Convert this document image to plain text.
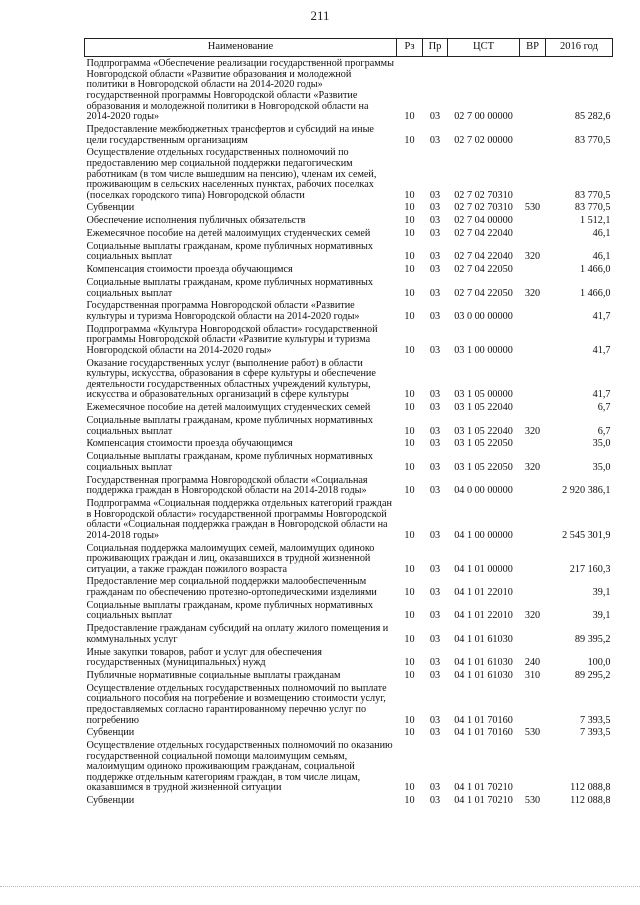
211
Наименование	Рз	Пр	ЦСТ	ВР	2016 год
Подпрограмма «Обеспечение реализации государственной программы Новгородской области «Развитие образования и молодежной политики в Новгородской области на 2014-2020 годы» государственной программы Новгородской области «Развитие образования и молодежной политики в Новгородской области на 2014-2020 годы»	10	03	02 7 00 00000		85 282,6
Предоставление межбюджетных трансфертов и субсидий на иные цели государственным организациям	10	03	02 7 02 00000		83 770,5
Осуществление отдельных государственных полномочий по предоставлению мер социальной поддержки педагогическим работникам (в том числе вышедшим на пенсию), членам их семей, проживающим в сельских населенных пунктах, рабочих поселках (поселках городского типа) Новгородской области	10	03	02 7 02 70310		83 770,5
Субвенции	10	03	02 7 02 70310	530	83 770,5
Обеспечение исполнения публичных обязательств	10	03	02 7 04 00000		1 512,1
Ежемесячное пособие на детей малоимущих студенческих семей	10	03	02 7 04 22040		46,1
Социальные выплаты гражданам, кроме публичных нормативных социальных выплат	10	03	02 7 04 22040	320	46,1
Компенсация стоимости проезда обучающимся	10	03	02 7 04 22050		1 466,0
Социальные выплаты гражданам, кроме публичных нормативных социальных выплат	10	03	02 7 04 22050	320	1 466,0
Государственная программа Новгородской области «Развитие культуры и туризма Новгородской области на 2014-2020 годы»	10	03	03 0 00 00000		41,7
Подпрограмма «Культура Новгородской области» государственной программы Новгородской области «Развитие культуры и туризма Новгородской области на 2014-2020 годы»	10	03	03 1 00 00000		41,7
Оказание государственных услуг (выполнение работ) в области культуры, искусства, образования в сфере культуры и обеспечение деятельности государственных областных учреждений культуры, искусства и образовательных организаций в сфере культуры	10	03	03 1 05 00000		41,7
Ежемесячное пособие на детей малоимущих студенческих семей	10	03	03 1 05 22040		6,7
Социальные выплаты гражданам, кроме публичных нормативных социальных выплат	10	03	03 1 05 22040	320	6,7
Компенсация стоимости проезда обучающимся	10	03	03 1 05 22050		35,0
Социальные выплаты гражданам, кроме публичных нормативных социальных выплат	10	03	03 1 05 22050	320	35,0
Государственная программа Новгородской области «Социальная поддержка граждан в Новгородской области на 2014-2018 годы»	10	03	04 0 00 00000		2 920 386,1
Подпрограмма «Социальная поддержка отдельных категорий граждан в Новгородской области» государственной программы Новгородской области «Социальная поддержка граждан в Новгородской области на 2014-2018 годы»	10	03	04 1 00 00000		2 545 301,9
Социальная поддержка малоимущих семей, малоимущих одиноко проживающих граждан и лиц, оказавшихся в трудной жизненной ситуации, а также граждан пожилого возраста	10	03	04 1 01 00000		217 160,3
Предоставление мер социальной поддержки малообеспеченным гражданам по обеспечению протезно-ортопедическими изделиями	10	03	04 1 01 22010		39,1
Социальные выплаты гражданам, кроме публичных нормативных социальных выплат	10	03	04 1 01 22010	320	39,1
Предоставление гражданам субсидий на оплату жилого помещения и коммунальных услуг	10	03	04 1 01 61030		89 395,2
Иные закупки товаров, работ и услуг для обеспечения государственных (муниципальных) нужд	10	03	04 1 01 61030	240	100,0
Публичные нормативные социальные выплаты гражданам	10	03	04 1 01 61030	310	89 295,2
Осуществление отдельных государственных полномочий по выплате социального пособия на погребение и возмещению стоимости услуг, предоставляемых согласно гарантированному перечню услуг по погребению	10	03	04 1 01 70160		7 393,5
Субвенции	10	03	04 1 01 70160	530	7 393,5
Осуществление отдельных государственных полномочий по оказанию государственной социальной помощи малоимущим семьям, малоимущим одиноко проживающим гражданам, социальной поддержке отдельным категориям граждан, в том числе лицам, оказавшимся в трудной жизненной ситуации	10	03	04 1 01 70210		112 088,8
Субвенции	10	03	04 1 01 70210	530	112 088,8
